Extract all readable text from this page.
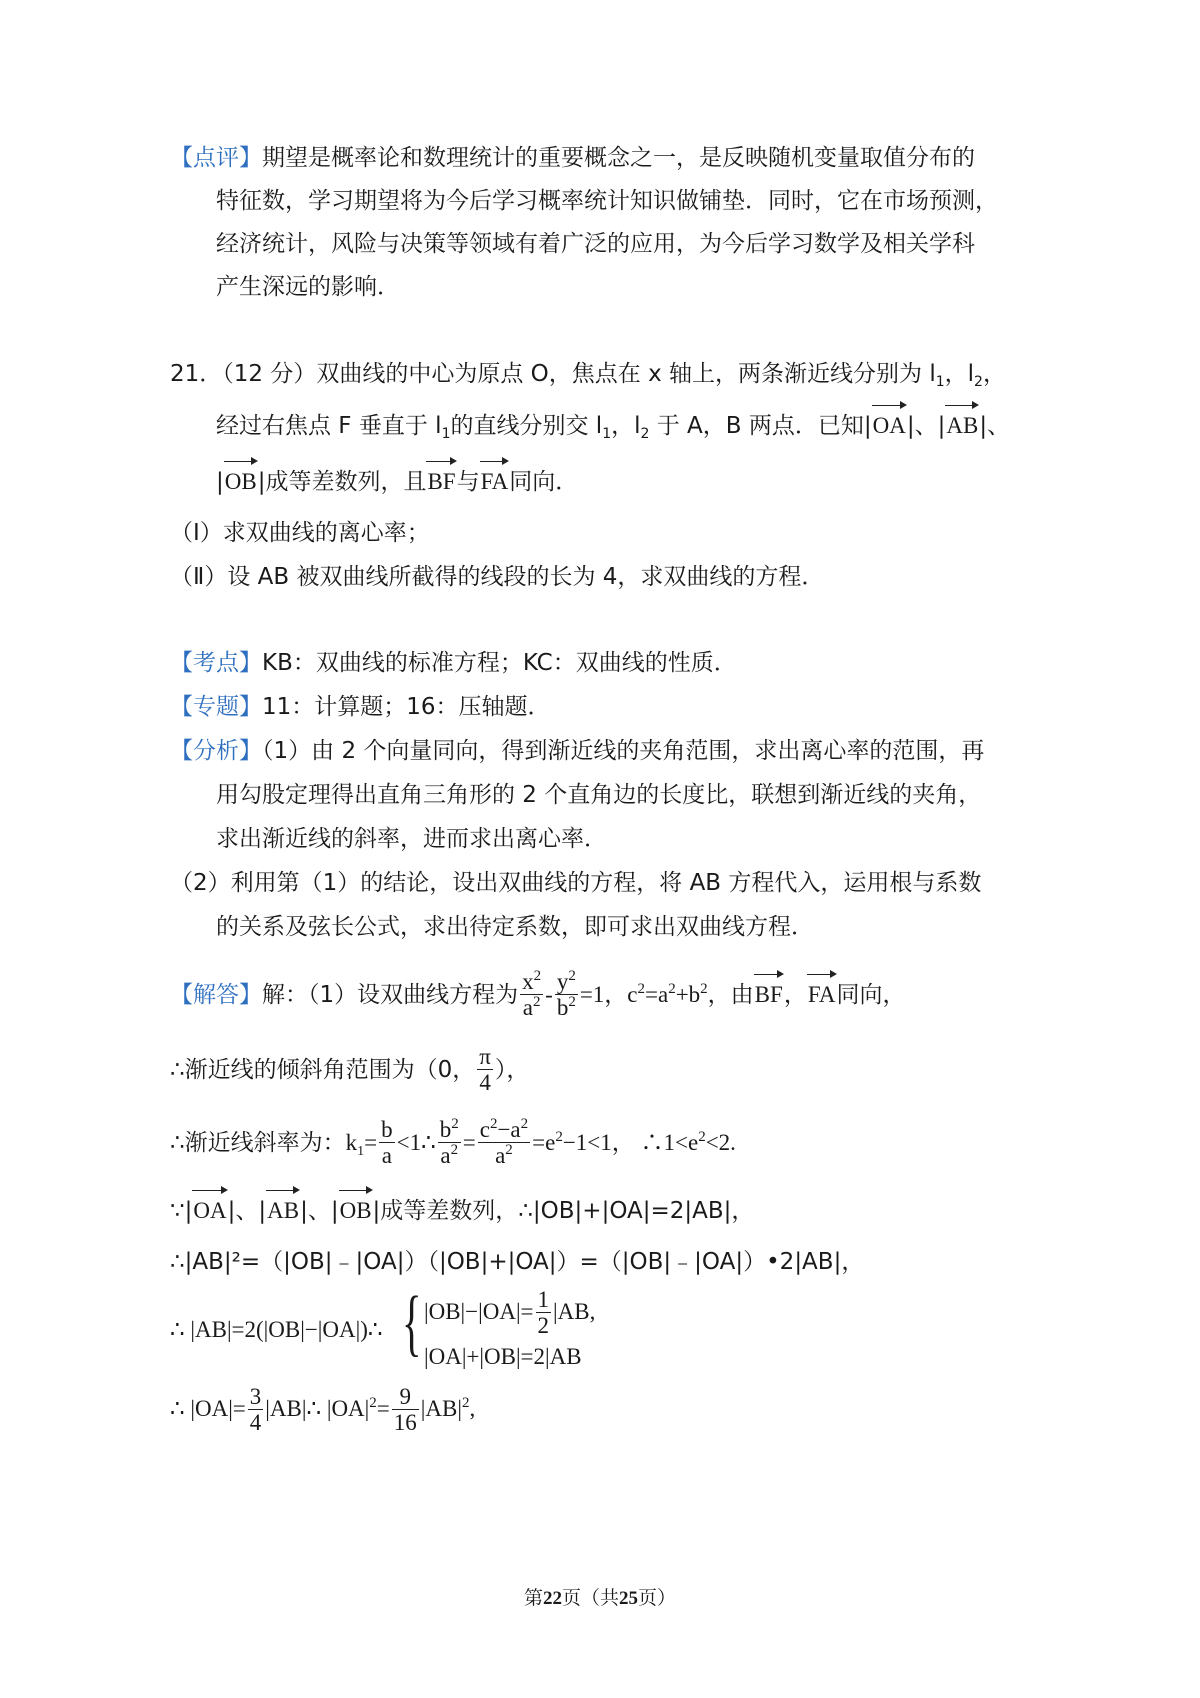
【点评】期望是概率论和数理统计的重要概念之一，是反映随机变量取值分布的
特征数，学习期望将为今后学习概率统计知识做铺垫．同时，它在市场预测，
经济统计，风险与决策等领域有着广泛的应用，为今后学习数学及相关学科
产生深远的影响．
21．（12 分）双曲线的中心为原点 O，焦点在 x 轴上，两条渐近线分别为 $l_1$，$l_2$，
经过右焦点 F 垂直于 $l_1$的直线分别交 $l_1$，$l_2$ 于 A，B 两点．已知|OA|、|AB|、
|OB|成等差数列，且BF与FA同向．
（Ⅰ）求双曲线的离心率；
（Ⅱ）设 AB 被双曲线所截得的线段的长为 4，求双曲线的方程．
【考点】KB：双曲线的标准方程；KC：双曲线的性质．
【专题】11：计算题；16：压轴题．
【分析】（1）由 2 个向量同向，得到渐近线的夹角范围，求出离心率的范围，再
用勾股定理得出直角三角形的 2 个直角边的长度比，联想到渐近线的夹角，
求出渐近线的斜率，进而求出离心率．
（2）利用第（1）的结论，设出双曲线的方程，将 AB 方程代入，运用根与系数
的关系及弦长公式，求出待定系数，即可求出双曲线方程．
【解答】解：（1）设双曲线方程为 $\frac{x^2}{a^2} - \frac{y^2}{b^2} =1$，$c^2=a^2+b^2$，由BF，FA同向，
∴渐近线的倾斜角范围为（0， $\frac{\pi}{4}$ ），
∴渐近线斜率为：$k_1= \frac{b}{a}$ <1∴ $\frac{b^2}{a^2} = \frac{c^2-a^2}{a^2} =e^2-1<1$， $\therefore 1<e^2<2$.
∵|OA|、|AB|、|OB|成等差数列，∴|OB|+|OA|=2|AB|，
∴|AB|²=（|OB|﹣|OA|）（|OB|+|OA|）=（|OB|﹣|OA|）•2|AB|，
∴ |AB|=2(|OB|−|OA|)∴ { $|OB|-|OA|= \frac{1}{2} |AB$,
|OA|+|OB|=2|AB
∴ $|OA|= \frac{3}{4}$ |AB|∴ $|OA|^2= \frac{9}{16} |AB|^2$,
第22页（共25页）
